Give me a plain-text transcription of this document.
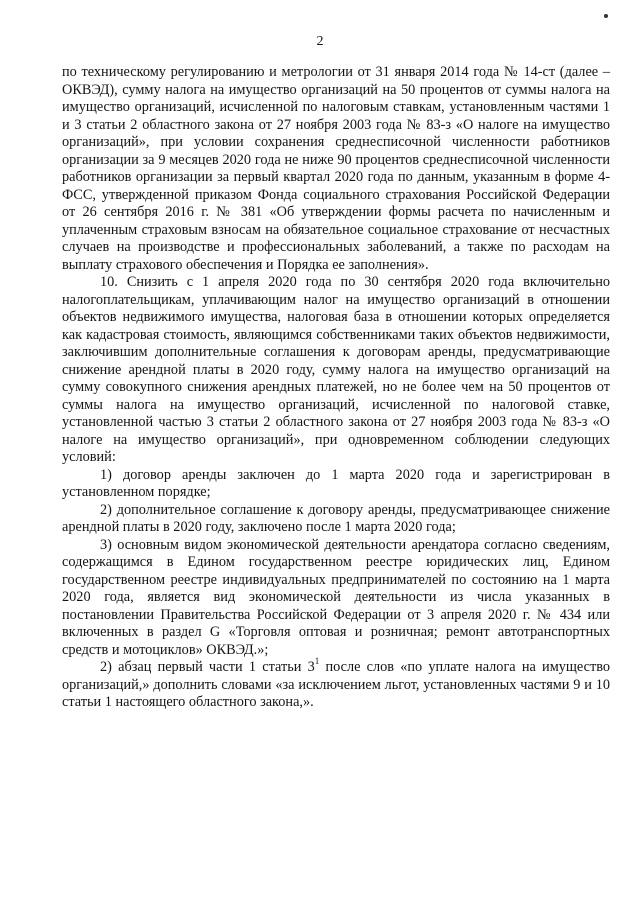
2

по техническому регулированию и метрологии от 31 января 2014 года № 14-ст (далее – ОКВЭД), сумму налога на имущество организаций на 50 процентов от суммы налога на имущество организаций, исчисленной по налоговым ставкам, установленным частями 1 и 3 статьи 2 областного закона от 27 ноября 2003 года № 83-з «О налоге на имущество организаций», при условии сохранения среднесписочной численности работников организации за 9 месяцев 2020 года не ниже 90 процентов среднесписочной численности работников организации за первый квартал 2020 года по данным, указанным в форме 4-ФСС, утвержденной приказом Фонда социального страхования Российской Федерации от 26 сентября 2016 г. № 381 «Об утверждении формы расчета по начисленным и уплаченным страховым взносам на обязательное социальное страхование от несчастных случаев на производстве и профессиональных заболеваний, а также по расходам на выплату страхового обеспечения и Порядка ее заполнения».

10. Снизить с 1 апреля 2020 года по 30 сентября 2020 года включительно налогоплательщикам, уплачивающим налог на имущество организаций в отношении объектов недвижимого имущества, налоговая база в отношении которых определяется как кадастровая стоимость, являющимся собственниками таких объектов недвижимости, заключившим дополнительные соглашения к договорам аренды, предусматривающие снижение арендной платы в 2020 году, сумму налога на имущество организаций на сумму совокупного снижения арендных платежей, но не более чем на 50 процентов от суммы налога на имущество организаций, исчисленной по налоговой ставке, установленной частью 3 статьи 2 областного закона от 27 ноября 2003 года № 83-з «О налоге на имущество организаций», при одновременном соблюдении следующих условий:

1) договор аренды заключен до 1 марта 2020 года и зарегистрирован в установленном порядке;

2) дополнительное соглашение к договору аренды, предусматривающее снижение арендной платы в 2020 году, заключено после 1 марта 2020 года;

3) основным видом экономической деятельности арендатора согласно сведениям, содержащимся в Едином государственном реестре юридических лиц, Едином государственном реестре индивидуальных предпринимателей по состоянию на 1 марта 2020 года, является вид экономической деятельности из числа указанных в постановлении Правительства Российской Федерации от 3 апреля 2020 г. № 434 или включенных в раздел G «Торговля оптовая и розничная; ремонт автотранспортных средств и мотоциклов» ОКВЭД.»;

2) абзац первый части 1 статьи $3^1$ после слов «по уплате налога на имущество организаций,» дополнить словами «за исключением льгот, установленных частями 9 и 10 статьи 1 настоящего областного закона,».
